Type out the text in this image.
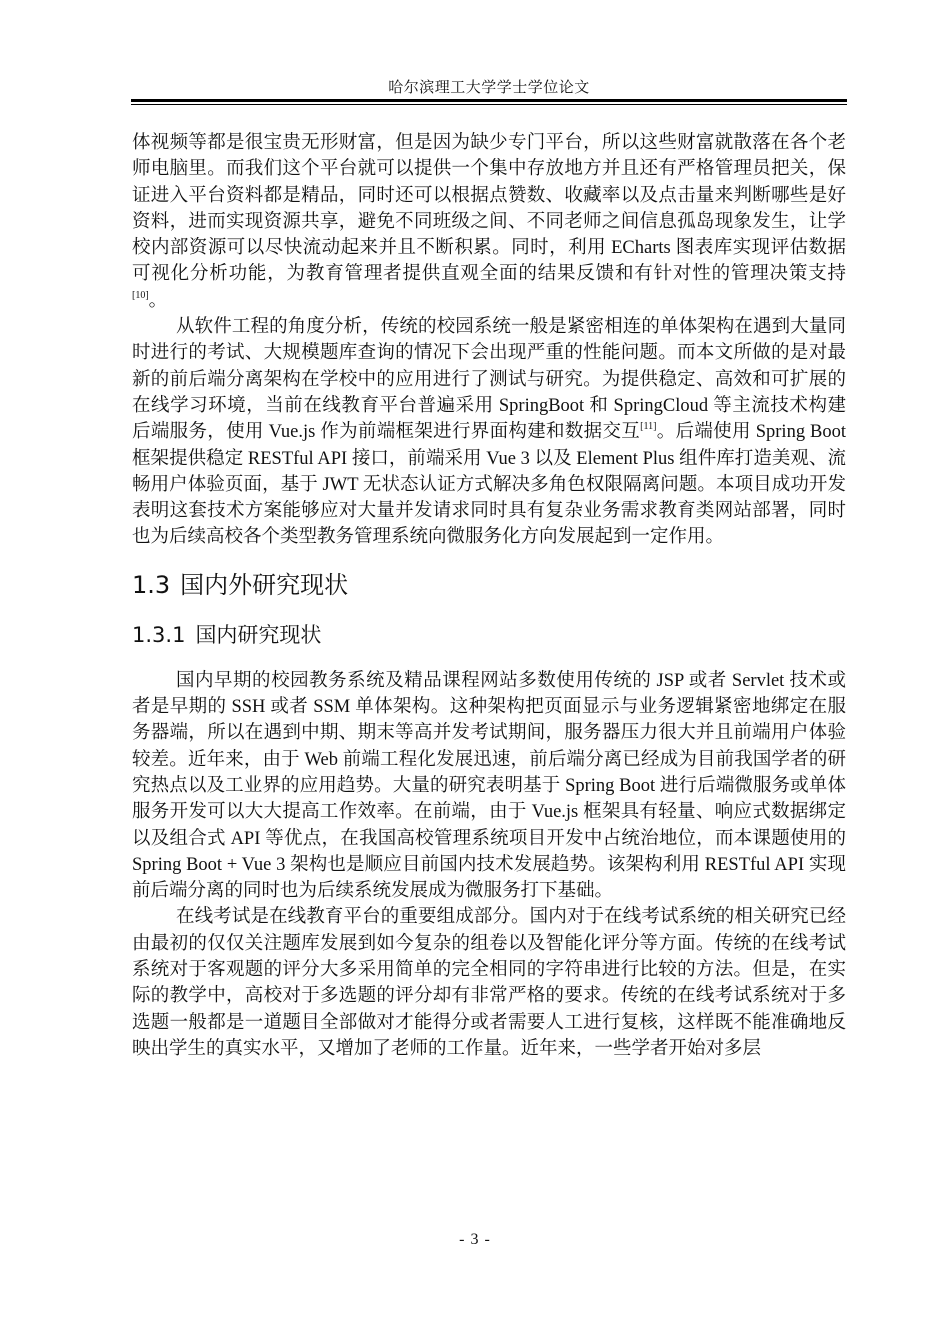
哈尔滨理工大学学士学位论文

体视频等都是很宝贵无形财富，但是因为缺少专门平台，所以这些财富就散落在各个老师电脑里。而我们这个平台就可以提供一个集中存放地方并且还有严格管理员把关，保证进入平台资料都是精品，同时还可以根据点赞数、收藏率以及点击量来判断哪些是好资料，进而实现资源共享，避免不同班级之间、不同老师之间信息孤岛现象发生，让学校内部资源可以尽快流动起来并且不断积累。同时，利用 ECharts 图表库实现评估数据可视化分析功能，为教育管理者提供直观全面的结果反馈和有针对性的管理决策支持[10]。

从软件工程的角度分析，传统的校园系统一般是紧密相连的单体架构在遇到大量同时进行的考试、大规模题库查询的情况下会出现严重的性能问题。而本文所做的是对最新的前后端分离架构在学校中的应用进行了测试与研究。为提供稳定、高效和可扩展的在线学习环境，当前在线教育平台普遍采用 SpringBoot 和 SpringCloud 等主流技术构建后端服务，使用 Vue.js 作为前端框架进行界面构建和数据交互[11]。后端使用 Spring Boot 框架提供稳定 RESTful API 接口，前端采用 Vue 3 以及 Element Plus 组件库打造美观、流畅用户体验页面，基于 JWT 无状态认证方式解决多角色权限隔离问题。本项目成功开发表明这套技术方案能够应对大量并发请求同时具有复杂业务需求教育类网站部署，同时也为后续高校各个类型教务管理系统向微服务化方向发展起到一定作用。

1.3 国内外研究现状
1.3.1 国内研究现状

国内早期的校园教务系统及精品课程网站多数使用传统的 JSP 或者 Servlet 技术或者是早期的 SSH 或者 SSM 单体架构。这种架构把页面显示与业务逻辑紧密地绑定在服务器端，所以在遇到中期、期末等高并发考试期间，服务器压力很大并且前端用户体验较差。近年来，由于 Web 前端工程化发展迅速，前后端分离已经成为目前我国学者的研究热点以及工业界的应用趋势。大量的研究表明基于 Spring Boot 进行后端微服务或单体服务开发可以大大提高工作效率。在前端，由于 Vue.js 框架具有轻量、响应式数据绑定以及组合式 API 等优点，在我国高校管理系统项目开发中占统治地位，而本课题使用的 Spring Boot + Vue 3 架构也是顺应目前国内技术发展趋势。该架构利用 RESTful API 实现前后端分离的同时也为后续系统发展成为微服务打下基础。

在线考试是在线教育平台的重要组成部分。国内对于在线考试系统的相关研究已经由最初的仅仅关注题库发展到如今复杂的组卷以及智能化评分等方面。传统的在线考试系统对于客观题的评分大多采用简单的完全相同的字符串进行比较的方法。但是，在实际的教学中，高校对于多选题的评分却有非常严格的要求。传统的在线考试系统对于多选题一般都是一道题目全部做对才能得分或者需要人工进行复核，这样既不能准确地反映出学生的真实水平，又增加了老师的工作量。近年来，一些学者开始对多层

- 3 -
